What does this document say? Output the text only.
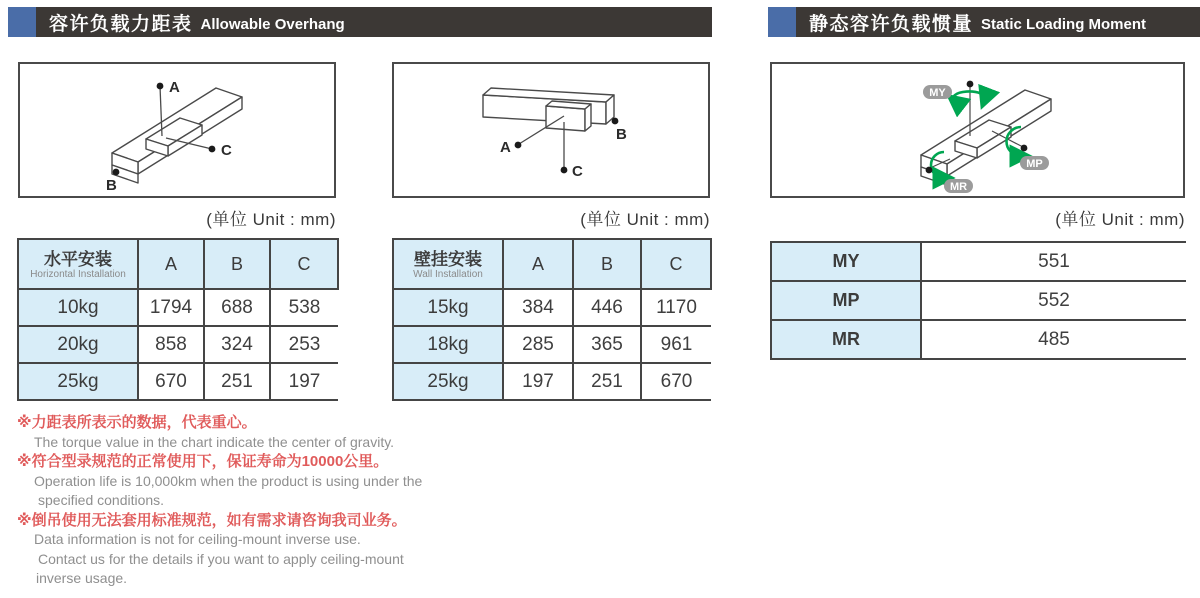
容许负载力距表 Allowable Overhang	静态容许负载惯量 Static Loading Moment
A
B
C	A
B
C
MY
MP
MR
(单位 Unit : mm)	(单位 Unit : mm)	(单位 Unit : mm)
水平安装
Horizontal Installation	A	B	C
10kg	1794	688	538
20kg	858	324	253
25kg	670	251	197
壁挂安装
Wall Installation	A	B	C
15kg	384	446	1170
18kg	285	365	961
25kg	197	251	670
MY	551
MP	552
MR	485
※力距表所表示的数据，代表重心。
The torque value in the chart indicate the center of gravity.
※符合型录规范的正常使用下，保证寿命为10000公里。
Operation life is 10,000km when the product is using under the
specified conditions.
※倒吊使用无法套用标准规范，如有需求请咨询我司业务。
Data information is not for ceiling-mount inverse use.
Contact us for the details if you want to apply ceiling-mount
inverse usage.
